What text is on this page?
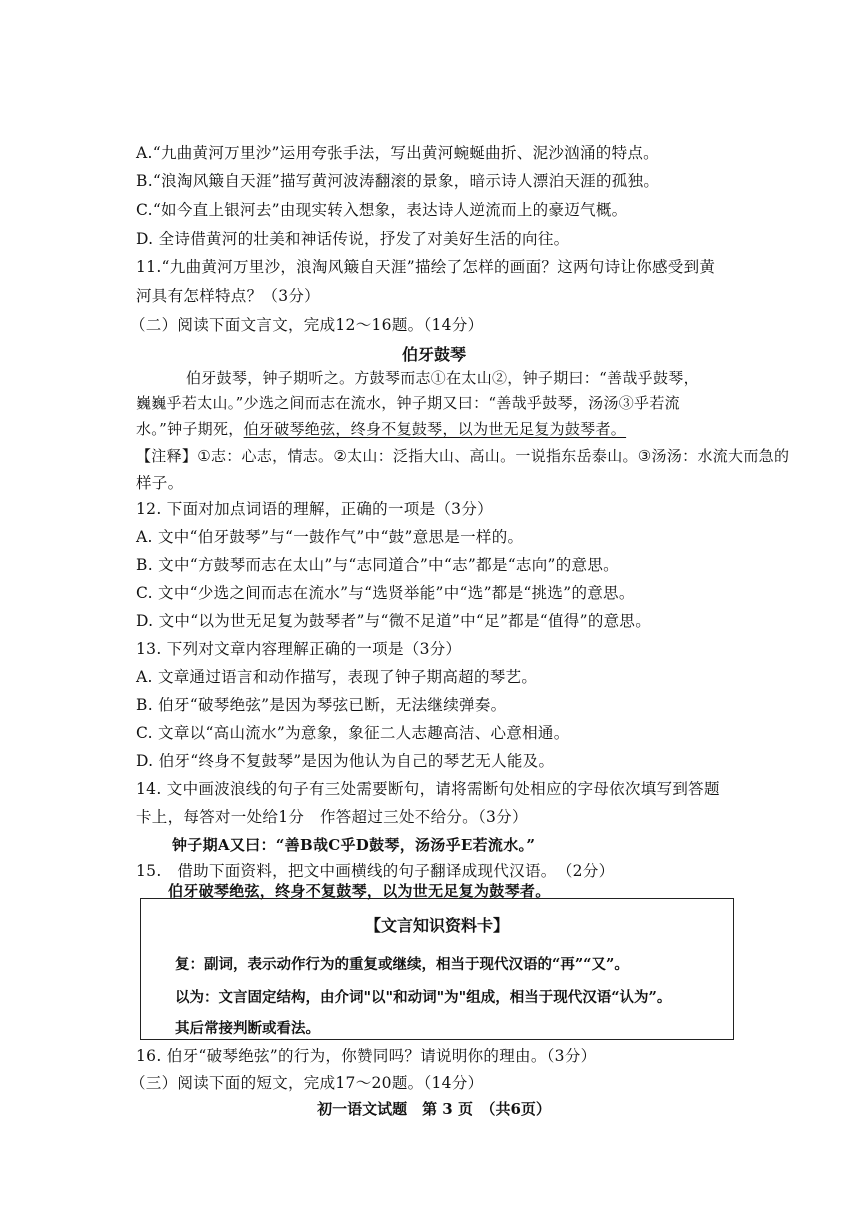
A.“九曲黄河万里沙”运用夸张手法，写出黄河蜿蜒曲折、泥沙汹涌的特点。
B.“浪淘风簸自天涯”描写黄河波涛翻滚的景象，暗示诗人漂泊天涯的孤独。
C.“如今直上银河去”由现实转入想象，表达诗人逆流而上的豪迈气概。
D. 全诗借黄河的壮美和神话传说，抒发了对美好生活的向往。
11.“九曲黄河万里沙，浪淘风簸自天涯”描绘了怎样的画面？这两句诗让你感受到黄
河具有怎样特点？（3分）
（二）阅读下面文言文，完成12～16题。（14分）
伯牙鼓琴
伯牙鼓琴，钟子期听之。方鼓琴而志①在太山②，钟子期曰：“善哉乎鼓琴，
巍巍乎若太山。”少选之间而志在流水，钟子期又曰：“善哉乎鼓琴，汤汤③乎若流
水。”钟子期死，伯牙破琴绝弦，终身不复鼓琴，以为世无足复为鼓琴者。
【注释】①志：心志，情志。②太山：泛指大山、高山。一说指东岳泰山。③汤汤：水流大而急的
样子。
12. 下面对加点词语的理解，正确的一项是（3分）
A. 文中“伯牙鼓琴”与“一鼓作气”中“鼓”意思是一样的。
B. 文中“方鼓琴而志在太山”与“志同道合”中“志”都是“志向”的意思。
C. 文中“少选之间而志在流水”与“选贤举能”中“选”都是“挑选”的意思。
D. 文中“以为世无足复为鼓琴者”与“微不足道”中“足”都是“值得”的意思。
13. 下列对文章内容理解正确的一项是（3分）
A. 文章通过语言和动作描写，表现了钟子期高超的琴艺。
B. 伯牙“破琴绝弦”是因为琴弦已断，无法继续弹奏。
C. 文章以“高山流水”为意象，象征二人志趣高洁、心意相通。
D. 伯牙“终身不复鼓琴”是因为他认为自己的琴艺无人能及。
14. 文中画波浪线的句子有三处需要断句，请将需断句处相应的字母依次填写到答题
卡上，每答对一处给1分　作答超过三处不给分。（3分）
钟子期A又曰：“善B哉C乎D鼓琴，汤汤乎E若流水。”
15.　借助下面资料，把文中画横线的句子翻译成现代汉语。　（2分）
伯牙破琴绝弦，终身不复鼓琴，以为世无足复为鼓琴者。
【文言知识资料卡】
复：副词，表示动作行为的重复或继续，相当于现代汉语的“再”“又”。
以为：文言固定结构，由介词"以"和动词"为"组成，相当于现代汉语“认为”。
其后常接判断或看法。
16. 伯牙“破琴绝弦”的行为，你赞同吗？请说明你的理由。（3分）
（三）阅读下面的短文，完成17～20题。（14分）
初一语文试题　第 3 页　（共6页）
